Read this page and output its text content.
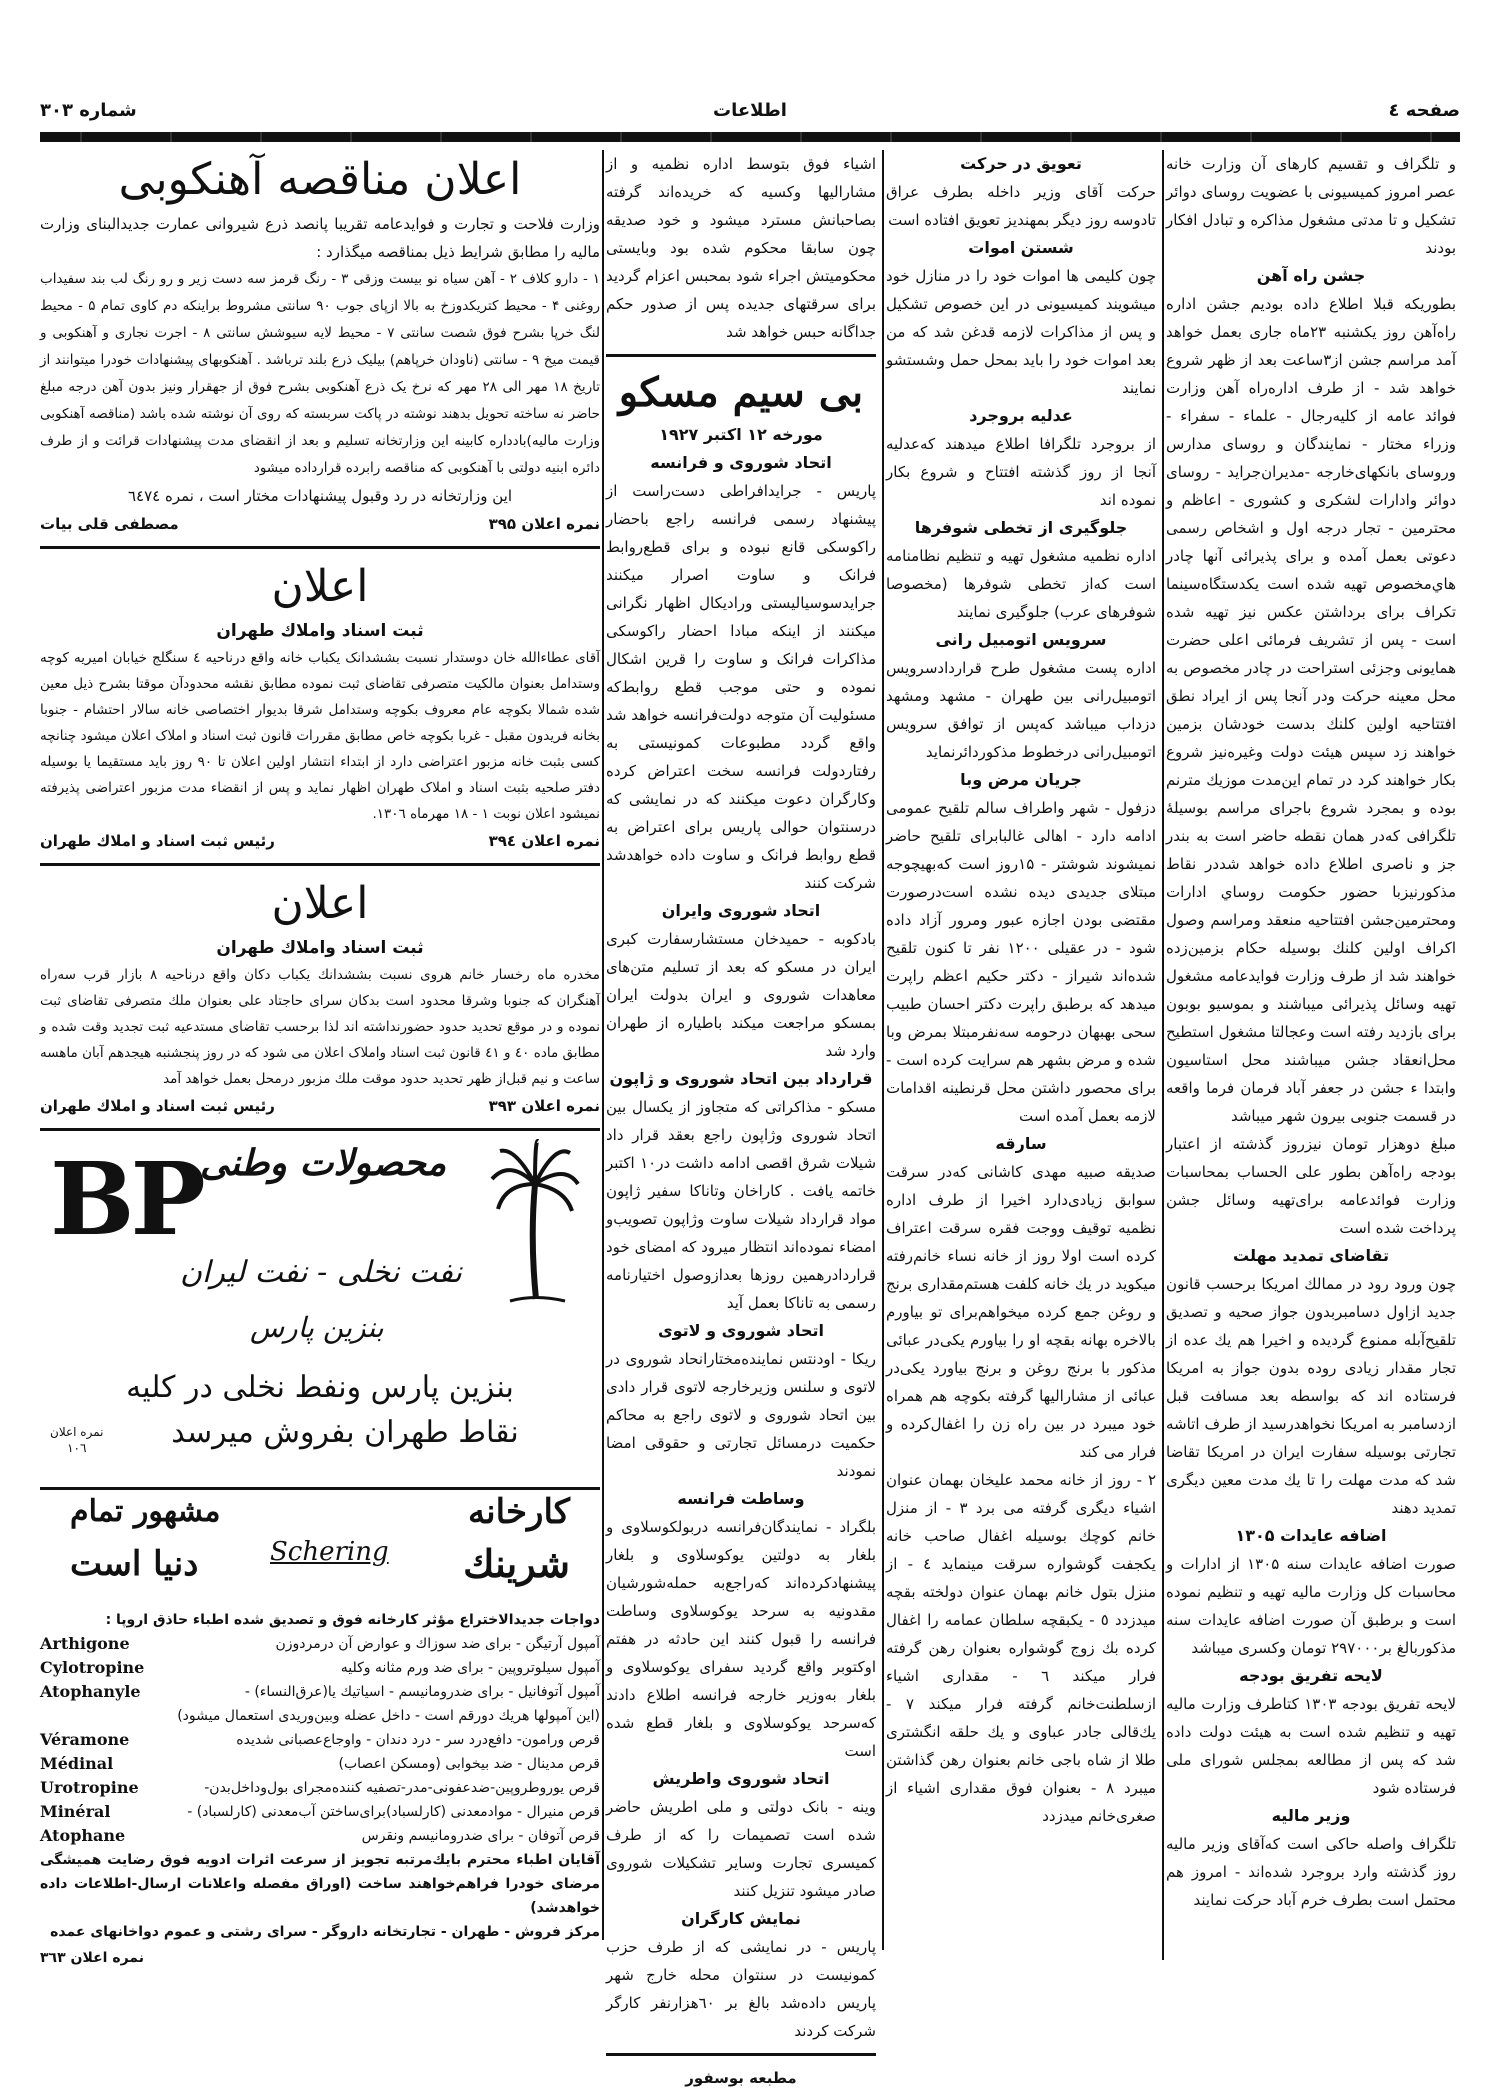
صفحه ٤
اطلاعات
شماره ۳۰۳
اعلان مناقصه آهنکوبی

وزارت فلاحت و تجارت و فوایدعامه تقریبا پانصد ذرع شیروانی عمارت جدیدالبنای وزارت مالیه را مطابق شرایط ذیل بمناقصه میگذارد :

۱ - دارو کلاف ۲ - آهن سیاه نو بیست وزقی ۳ - رنگ قرمز سه دست زیر و رو رنگ لب بند سفیداب روغنی ۴ - محیط کتریکدوزخ به بالا ازپای جوب ۹۰ سانتی مشروط براینکه دم کاوی تمام ۵ - محیط لنگ خرپا بشرح فوق شصت سانتی ۷ - محیط لایه سیوشش سانتی ۸ - اجرت نجاری و آهنکوبی و قیمت میخ ۹ - سانتی (ناودان خرپاهم) بیلیک ذرع بلند ترباشد . آهنکوبهای پیشنهادات خودرا میتوانند از تاریخ ۱۸ مهر الی ۲۸ مهر که نرخ یک ذرع آهنکوبی بشرح فوق از جهقرار ونیز بدون آهن درجه مبلغ حاضر نه ساخته تحویل بدهند نوشته در پاکت سربسته که روی آن نوشته شده باشد (مناقصه آهنکوبی وزارت مالیه)بادداره کابینه این وزارتخانه تسلیم و بعد از انقضای مدت پیشنهادات قرائت و از طرف دائره ابنیه دولتی با آهنکوبی که مناقصه رابرده قرارداده میشود

این وزارتخانه در رد وقبول پیشنهادات مختار است ، نمره ٦٤٧٤

نمره اعلان ۳۹۵
مصطفی قلی بیات
اعلان
ثبت اسناد واملاك طهران

آقای عطاءالله خان دوستدار نسبت بششدانک یکباب خانه واقع درناحیه ٤ سنگلج خیابان امیریه کوچه وستدامل بعنوان مالکیت متصرفی تقاضای ثبت نموده مطابق نقشه محدودآن موقتا بشرح ذیل معین شده شمالا بکوچه عام معروف بکوچه وستدامل شرقا بدیوار اختصاصی خانه سالار احتشام - جنوبا بخانه فریدون مقبل - غربا بکوچه خاص مطابق مقررات قانون ثبت اسناد و املاک اعلان میشود چنانچه کسی بثبت خانه مزبور اعتراضی دارد از ابتداء انتشار اولین اعلان تا ۹۰ روز باید مستقیما یا بوسیله دفتر صلحیه بثبت اسناد و املاک طهران اظهار نماید و پس از انقضاء مدت مزبور اعتراضی پذیرفته نمیشود اعلان نوبت ۱ - ۱۸ مهرماه ۱۳۰٦.

نمره اعلان ۳۹٤
رئیس ثبت اسناد و املاك طهران
اعلان
ثبت اسناد واملاك طهران

مخدره ماه رخسار خانم هروی نسبت بششدانك یکباب دکان واقع درناحیه ۸ بازار قرب سه‌راه آهنگران که جنوبا وشرقا محدود است بدکان سرای حاجتاد علی بعنوان ملك متصرفی تقاضای ثبت نموده و در موقع تحدید حدود حضورنداشته اند لذا برحسب تقاضای مستدعیه ثبت تجدید وقت شده و مطابق ماده ٤۰ و ٤۱ قانون ثبت اسناد واملاک اعلان می شود که در روز پنجشنبه هیجدهم آبان ماهسه ساعت و نیم قبل‌از ظهر تحدید حدود موقت ملك مزبور درمحل بعمل خواهد آمد

نمره اعلان ۳۹۳
رئیس ثبت اسناد و املاك طهران
BP
محصولات وطنی
نفت نخلی - نفت لیران
بنزین پارس
بنزین پارس ونفط نخلی در کلیه
نقاط طهران بفروش میرسد
نمره اعلان
۱۰٦
کارخانه
شرینك
مشهور تمام
دنیا است	Schering

دواجات جدیدالاختراع مؤثر کارخانه فوق و تصدیق شده اطباء حاذق اروپا :

آمپول آرتیگن - برای ضد سوزاك و عوارض آن درمردوزن
Arthigone
آمپول سیلوتروپین - برای ضد ورم مثانه وکلیه
Cylotropine
آمپول آتوفانیل - برای ضدرومانیسم - اسیاتیك یا(عرق‌النساء) -
Atophanyle
(این آمپولها هریك دورقم است - داخل عضله وبین‌وریدی استعمال میشود)
قرص ورامون- دافع‌درد سر - درد دندان - واوجاع‌عصبانی شدیده
Véramone
قرص مدینال - ضد بیخوابی (ومسکن اعصاب)
Médinal
قرص یوروطروپین-ضدعفونی-مدر-تصفیه کننده‌مجرای بول‌وداخل‌بدن-
Urotropine
قرص منیرال - موادمعدنی (کارلسباد)برای‌ساختن آب‌معدنی (کارلسباد) -
Minéral
قرص آتوفان - برای ضدرومانیسم ونقرس
Atophane

آقایان اطباء محترم بایك‌مرتبه تجویز از سرعت اثرات ادویه فوق رضایت همیشگی مرضای خودرا فراهم‌خواهند ساخت (اوراق مفصله واعلانات ارسال-اطلاعات داده خواهدشد)

مرکز فروش - طهران - تجارتخانه داروگر - سرای رشتی و عموم دواخانهای عمده

نمره اعلان ۳٦۳

اشیاء فوق بتوسط اداره نظمیه و از مشارالیها وکسیه که خریده‌اند گرفته بصاحبانش مسترد میشود و خود صدیقه چون سابقا محکوم شده بود وبایستی محکومیتش اجراء شود بمحبس اعزام گردید برای سرقتهای جدیده پس از صدور حکم جداگانه حبس خواهد شد

بی سیم مسکو
مورخه ۱۲ اکتبر ۱۹۲۷
اتحاد شوروی و فرانسه

پاریس - جرایدافراطی دست‌راست از پیشنهاد رسمی فرانسه راجع باحضار راکوسکی قانع نبوده و برای قطع‌روابط فرانک و ساوت اصرار میکنند جراید‌سوسیالیستی ورادیکال اظهار نگرانی میکنند از اینکه مبادا احضار راکوسکی مذاکرات فرانک و ساوت را قرین اشکال نموده و حتی موجب قطع روابط‌که مسئولیت آن متوجه دولت‌فرانسه خواهد شد واقع گردد مطبوعات کمونیستی به رفتاردولت فرانسه سخت اعتراض کرده وکارگران دعوت میکنند که در نمایشی که درسنتوان حوالی پاریس برای اعتراض به قطع روابط فرانک و ساوت داده خواهدشد شرکت کنند

اتحاد شوروی وایران

بادکوبه - حمیدخان مستشارسفارت کبری ایران در مسکو که بعد از تسلیم متن‌های معاهدات شوروی و ایران بدولت ایران بمسکو مراجعت میکند باطیاره از طهران وارد شد

قرارداد بین اتحاد شوروی و ژاپون

مسکو - مذاکراتی که متجاوز از یکسال بین اتحاد شوروی وژاپون راجع بعقد قرار داد شیلات شرق اقصی ادامه داشت در۱۰ اکتبر خاتمه یافت . کاراخان وتاناکا سفیر ژاپون مواد قرارداد شیلات ساوت وژاپون تصویب‌و امضاء نموده‌اند انتظار میرود که امضای خود قراردادرهمین روزها بعدازوصول اختیارنامه رسمی به تاناکا بعمل آید

اتحاد شوروی و لاتوی

ریکا - اودنتس نماینده‌مختارانحاد شوروی در لاتوی و سلنس وزیرخارجه لاتوی قرار دادی بین اتحاد شوروی و لاتوی راجع به محاکم حکمیت درمسائل تجارتی و حقوقی امضا نمودند

وساطت فرانسه

بلگراد - نمایندگان‌فرانسه دربولکوسلاوی و بلغار به دولتین یوکوسلاوی و بلغار پیشنهادکرده‌اند که‌راجع‌به حمله‌شورشیان مقدونیه به سرحد یوکوسلاوی وساطت فرانسه را قبول کنند این حادثه در هفتم اوکتوبر واقع گردید سفرای یوکوسلاوی و بلغار به‌وزیر خارجه فرانسه اطلاع دادند که‌سرحد یوکوسلاوی و بلغار قطع شده است

اتحاد شوروی واطریش

وینه - بانک دولتی و ملی اطریش حاضر شده است تصمیمات را که از طرف کمیسری تجارت وسایر تشکیلات شوروی صادر میشود تنزیل کنند

نمایش کارگران

پاریس - در نمایشی که از طرف حزب کمونیست در سنتوان محله خارج شهر پاریس داده‌شد بالغ بر ٦۰هزارنفر کارگر شرکت کردند

مطبعه بوسفور
تعویق در حرکت

حرکت آقای وزیر داخله بطرف عراق تادوسه روز دیگر بمهندیز تعویق افتاده است

شستن اموات

چون کلیمی ها اموات خود را در منازل خود میشویند کمیسیونی در این خصوص تشکیل و پس از مذاکرات لازمه قدغن شد که من بعد اموات خود را باید بمحل حمل وشستشو نمایند

عدلیه بروجرد

از بروجرد تلگرافا اطلاع میدهند که‌عدلیه آنجا از روز گذشته افتتاح و شروع بکار نموده اند

جلوگیری از تخطی شوفرها

اداره نظمیه مشغول تهیه و تنظیم نظامنامه است که‌از تخطی شوفرها (مخصوصا شوفرهای عرب) جلوگیری نمایند

سرویس اتومبیل رانی

اداره پست مشغول طرح قراردادسرویس اتومبیل‌رانی بین طهران - مشهد ومشهد دزداب میباشد که‌پس از توافق سرویس اتومبیل‌رانی درخطوط مذکوردائرنماید

جریان مرض وبا

دزفول - شهر واطراف سالم تلقیح عمومی ادامه دارد - اهالی غالبا‌برای تلقیح حاضر نمیشوند شوشتر - ۱۵روز است که‌بهیچوجه مبتلای جدیدی دیده نشده است‌درصورت مقتضی بودن اجازه عبور ومرور آزاد داده شود - در عقیلی ۱۲۰۰ نفر تا کنون تلقیح شده‌اند شیراز - دکتر حکیم اعظم راپرت میدهد که برطبق راپرت دکتر احسان طبیب سحی بهبهان درحومه سه‌نفرمبتلا بمرض وبا شده و مرض بشهر هم سرایت کرده است - برای محصور داشتن محل قرنطینه اقدامات لازمه بعمل آمده است

سارقه

صدیقه صبیه مهدی کاشانی که‌در سرقت سوابق زیادی‌دارد اخیرا از طرف اداره نظمیه توقیف ووجت فقره سرقت اعتراف کرده است اولا روز از خانه نساء خانم‌رفته میکوید در یك خانه کلفت هستم‌مقداری برنج و روغن جمع کرده میخواهم‌برای تو بیاورم بالاخره بهانه بقچه او را بیاورم یکی‌در عبائی مذکور با برنج روغن و برنج بیاورد یکی‌در عبائی از مشارالیها گرفته بکوچه هم همراه خود میبرد در بین راه زن را اغفال‌کرده و فرار می کند

۲ - روز از خانه محمد علیخان بهمان عنوان اشیاء دیگری گرفته می برد ۳ - از منزل خانم کوچك بوسیله اغفال صاحب خانه یکجفت گوشواره سرقت مینماید ٤ - از منزل بتول خانم بهمان عنوان دولخته بقچه میدزدد ٥ - یکبقچه سلطان عمامه را اغفال کرده بك زوج گوشواره بعنوان رهن گرفته فرار میکند ٦ - مقداری اشیاء ازسلطنت‌خانم گرفته فرار میکند ۷ - یك‌قالی جادر عباوی و یك حلقه انگشتری طلا از شاه باجی خانم بعنوان رهن گذاشتن میبرد ۸ - بعنوان فوق مقداری اشیاء از صغری‌خانم میدزدد

و تلگراف و تقسیم کارهای آن وزارت خانه عصر امروز کمیسیونی با عضویت روسای دوائر تشکیل و تا مدتی مشغول مذاکره و تبادل افکار بودند

جشن راه آهن

بطوریکه قبلا اطلاع داده بودیم جشن اداره راه‌آهن روز یکشنبه ۲۳ماه جاری بعمل خواهد آمد مراسم جشن از۳ساعت بعد از ظهر شروع خواهد شد - از طرف اداره‌راه آهن وزارت فوائد عامه از کلیه‌رجال - علماء - سفراء - وزراء مختار - نمایندگان و روسای مدارس وروسای بانکهای‌خارجه -مدیران‌جراید - روسای دوائر وادارات لشکری و کشوری - اعاظم و محترمین - تجار درجه اول و اشخاص رسمی دعوتی بعمل آمده و برای پذیرائی آنها چادر هاي‌مخصوص تهیه شده است یکدستگاه‌سینما تکراف برای برداشتن عکس نیز تهیه شده است - پس از تشریف فرمائی اعلی حضرت همایونی وجزئی استراحت در چادر مخصوص به محل معینه حرکت ودر آنجا پس از ایراد نطق افتتاحیه اولین کلنك بدست خودشان بزمین خواهند زد سپس هیئت دولت وغیره‌نیز شروع بکار خواهند کرد در تمام این‌مدت موزیك مترنم بوده و بمجرد شروع باجرای مراسم بوسیلهٔ تلگرافی که‌در همان نقطه حاضر است به بندر جز و ناصری اطلاع داده خواهد شد‌در نقاط مذکورنیزبا حضور حکومت روساي ادارات ومحترمین‌جشن افتتاحیه منعقد ومراسم وصول اکراف اولین کلنك بوسیله حکام بزمین‌زده خواهند شد از طرف وزارت فوایدعامه مشغول تهیه وسائل پذیرائی میباشند و بموسیو بوبون برای بازدید رفته است وعجالتا مشغول استطیح محل‌انعقاد جشن میباشند محل استاسیون وابتدا ء جشن در جعفر آباد فرمان فرما واقعه در قسمت جنوبی بیرون شهر میباشد

مبلغ دوهزار تومان نیزروز گذشته از اعتبار بودجه راه‌آهن بطور علی الحساب بمحاسبات وزارت فوائدعامه برای‌تهیه وسائل جشن پرداخت شده است

تقاضای تمدید مهلت

چون ورود رود در ممالك امریکا برحسب قانون جدید ازاول دسامبربدون جواز صحیه و تصدیق تلقیح‌آبله ممنوع گردیده و اخیرا هم یك عده از تجار مقدار زیادی روده بدون جواز به امریکا فرستاده اند که بواسطه بعد مسافت قبل ازدسامبر به امریکا نخواهدرسید از طرف اتاشه تجارتی بوسیله سفارت ایران در امریکا تقاضا شد که مدت مهلت را تا یك مدت معین دیگری تمدید دهند

اضافه عایدات ۱۳۰۵

صورت اضافه عایدات سنه ۱۳۰۵ از ادارات و محاسبات کل وزارت مالیه تهیه و تنظیم نموده است و برطبق آن صورت اضافه عایدات سنه مذکوربالغ بر۲۹۷۰۰۰ تومان وکسری میباشد

لایحه تفریق بودجه

لایحه تفریق بودجه ۱۳۰۳ کتاطرف وزارت مالیه تهیه و تنظیم شده است به هیئت دولت داده شد که پس از مطالعه بمجلس شورای ملی فرستاده شود

وزیر مالیه

تلگراف واصله حاکی است که‌آقای وزیر مالیه روز گذشته وارد بروجرد شده‌اند - امروز هم محتمل است بطرف خرم آباد حرکت نمایند
